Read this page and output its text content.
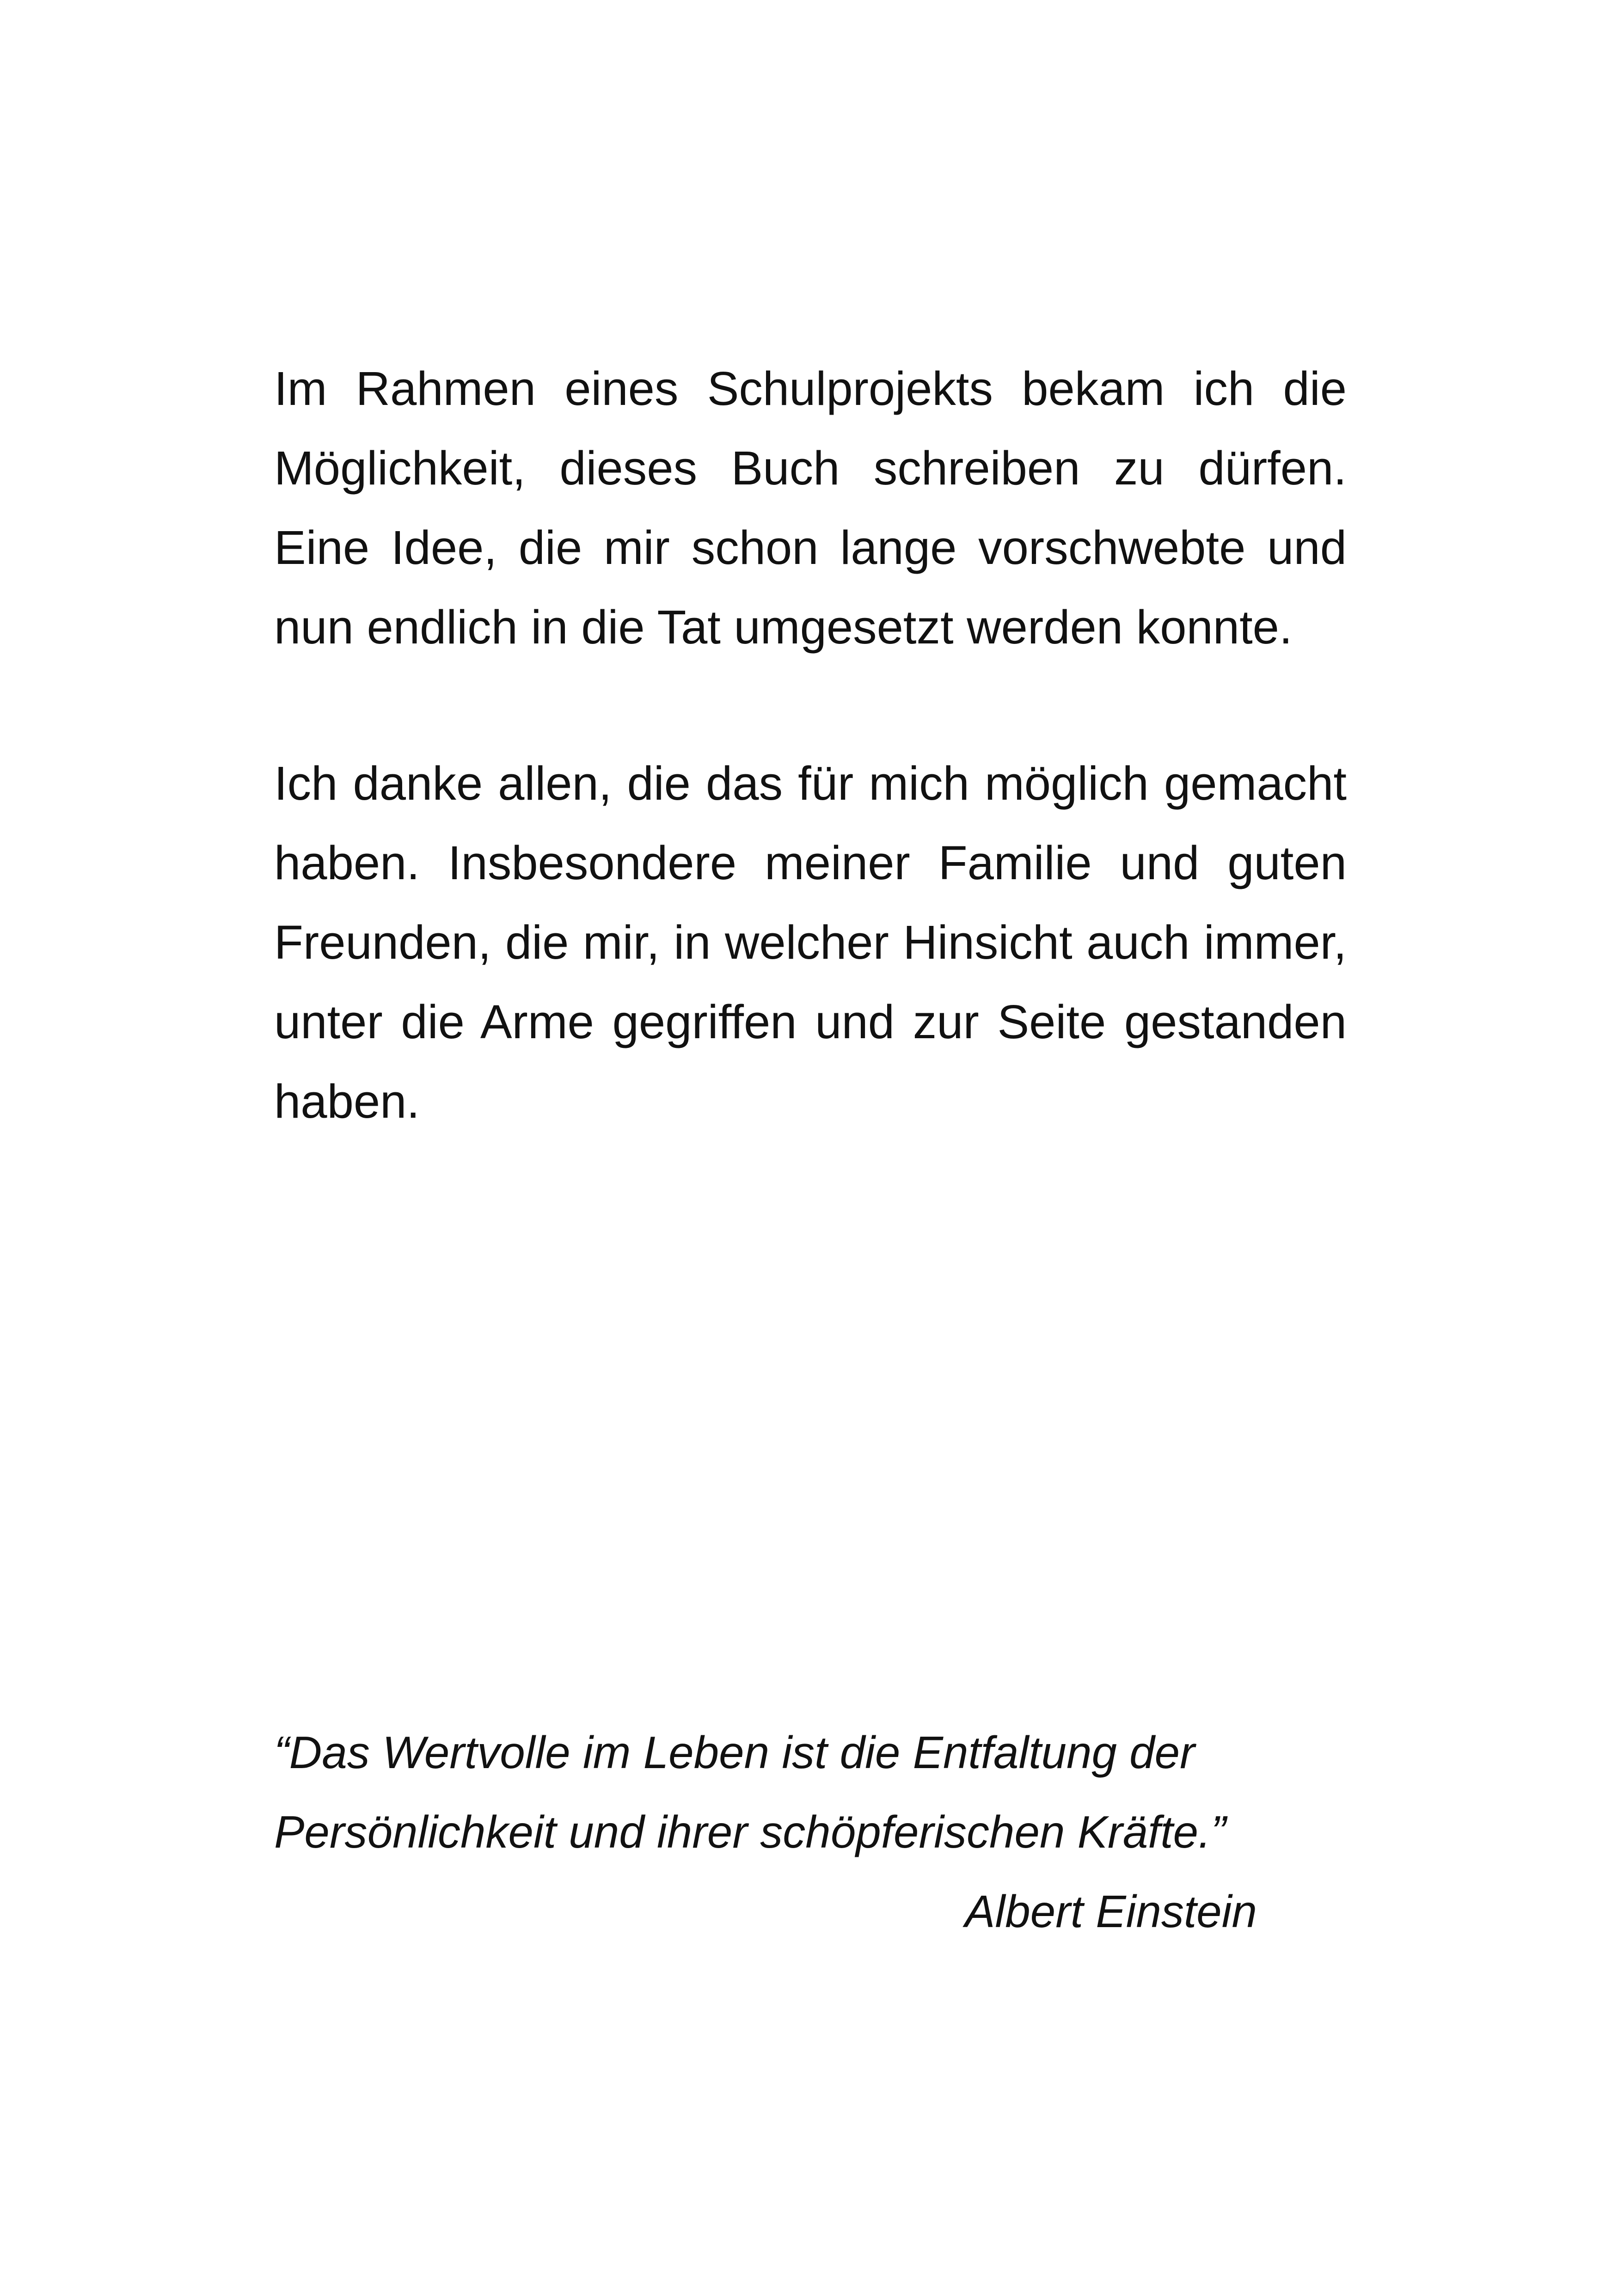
Im Rahmen eines Schulprojekts bekam ich die Möglichkeit, dieses Buch schreiben zu dürfen. Eine Idee, die mir schon lange vorschwebte und nun endlich in die Tat umgesetzt werden konnte.

Ich danke allen, die das für mich möglich gemacht haben. Insbesondere meiner Familie und guten Freunden, die mir, in welcher Hinsicht auch immer, unter die Arme gegriffen und zur Seite gestanden haben.

“Das Wertvolle im Leben ist die Entfaltung der
Persönlichkeit und ihrer schöpferischen Kräfte.”

Albert Einstein
